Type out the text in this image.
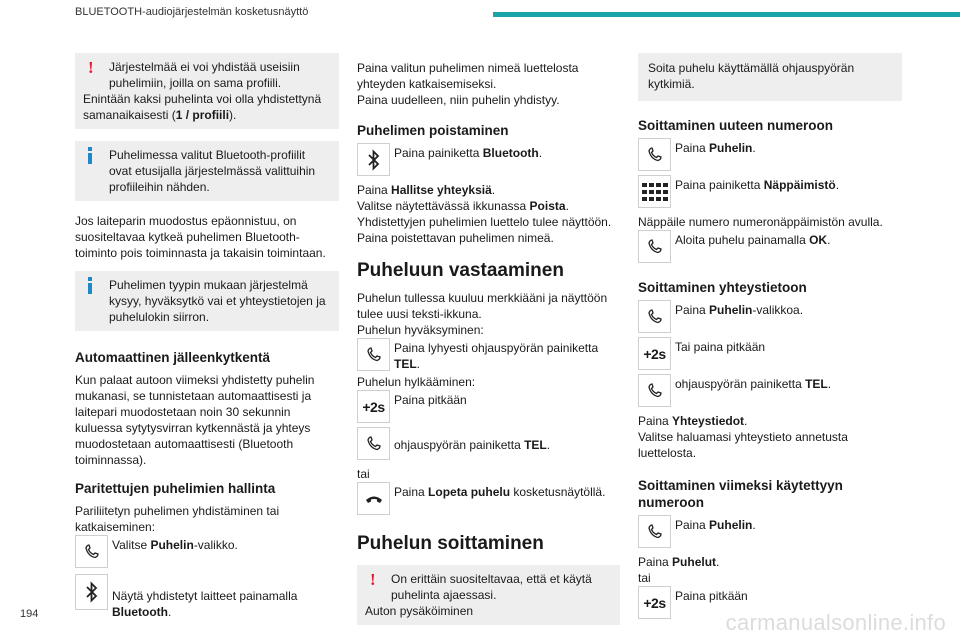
BLUETOOTH-audiojärjestelmän kosketusnäyttö
!	Järjestelmää ei voi yhdistää useisiin puhelimiin, joilla on sama profiili.
Enintään kaksi puhelinta voi olla yhdistettynä samanaikaisesti (1 / profiili).
Puhelimessa valitut Bluetooth-profiilit ovat etusijalla järjestelmässä valittuihin profiileihin nähden.

Jos laiteparin muodostus epäonnistuu, on suositeltavaa kytkeä puhelimen Bluetooth-toiminto pois toiminnasta ja takaisin toimintaan.

Puhelimen tyypin mukaan järjestelmä kysyy, hyväksytkö vai et yhteystietojen ja puhelulokin siirron.
Automaattinen jälleenkytkentä

Kun palaat autoon viimeksi yhdistetty puhelin mukanasi, se tunnistetaan automaattisesti ja laitepari muodostetaan noin 30 sekunnin kuluessa sytytysvirran kytkennästä ja yhteys muodostetaan automaattisesti (Bluetooth toiminnassa).

Paritettujen puhelimien hallinta

Pariliitetyn puhelimen yhdistäminen tai katkaiseminen:

Valitse Puhelin-valikko.
Näytä yhdistetyt laitteet painamalla Bluetooth.

Paina valitun puhelimen nimeä luettelosta yhteyden katkaisemiseksi.

Paina uudelleen, niin puhelin yhdistyy.

Puhelimen poistaminen
Paina painiketta Bluetooth.
Paina Hallitse yhteyksiä.
Valitse näytettävässä ikkunassa Poista.
Yhdistettyjen puhelimien luettelo tulee näyttöön.
Paina poistettavan puhelimen nimeä.
Puheluun vastaaminen
Puhelun tullessa kuuluu merkkiääni ja näyttöön tulee uusi teksti-ikkuna.
Puhelun hyväksyminen:
Paina lyhyesti ohjauspyörän painiketta TEL.
Puhelun hylkääminen:
+2s Paina pitkään
ohjauspyörän painiketta TEL.
tai
Paina Lopeta puhelu kosketusnäytöllä.
Puhelun soittaminen
!	On erittäin suositeltavaa, että et käytä puhelinta ajaessasi.
Auton pysäköiminen
Soita puhelu käyttämällä ohjauspyörän kytkimiä.
Soittaminen uuteen numeroon
Paina Puhelin.
Paina painiketta Näppäimistö.
Näppäile numero numeronäppäimistön avulla.
Aloita puhelu painamalla OK.
Soittaminen yhteystietoon
Paina Puhelin-valikkoa.
+2s Tai paina pitkään
ohjauspyörän painiketta TEL.
Paina Yhteystiedot.
Valitse haluamasi yhteystieto annetusta luettelosta.
Soittaminen viimeksi käytettyyn numeroon
Paina Puhelin.
Paina Puhelut.
tai
+2s Paina pitkään
194	carmanualsonline.info
